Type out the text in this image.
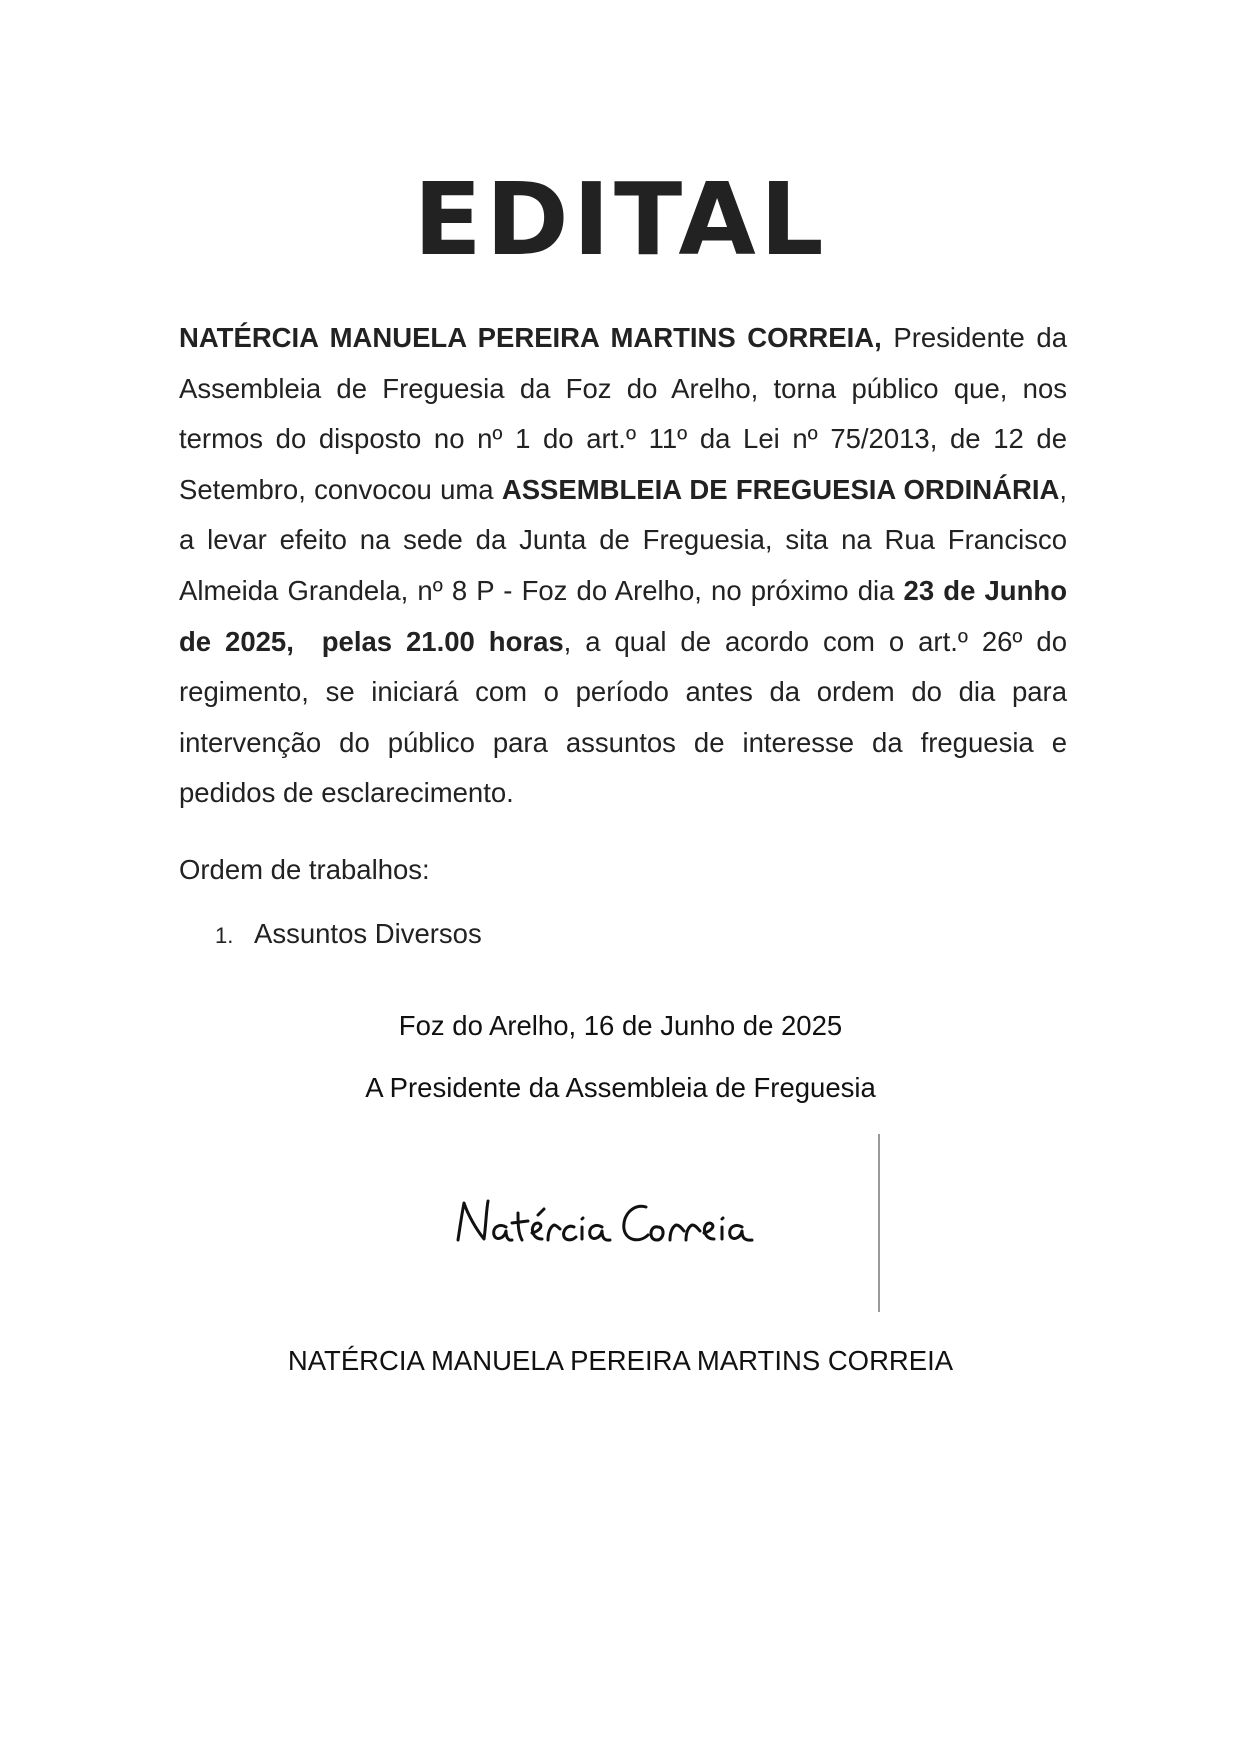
EDITAL
NATÉRCIA MANUELA PEREIRA MARTINS CORREIA, Presidente da Assembleia de Freguesia da Foz do Arelho, torna público que, nos termos do disposto no nº 1 do art.º 11º da Lei nº 75/2013, de 12 de Setembro, convocou uma ASSEMBLEIA DE FREGUESIA ORDINÁRIA, a levar efeito na sede da Junta de Freguesia, sita na Rua Francisco Almeida Grandela, nº 8 P - Foz do Arelho, no próximo dia 23 de Junho de 2025, pelas 21.00 horas, a qual de acordo com o art.º 26º do regimento, se iniciará com o período antes da ordem do dia para intervenção do público para assuntos de interesse da freguesia e pedidos de esclarecimento.
Ordem de trabalhos:
1. Assuntos Diversos
Foz do Arelho, 16 de Junho de 2025
A Presidente da Assembleia de Freguesia
NATÉRCIA MANUELA PEREIRA MARTINS CORREIA
